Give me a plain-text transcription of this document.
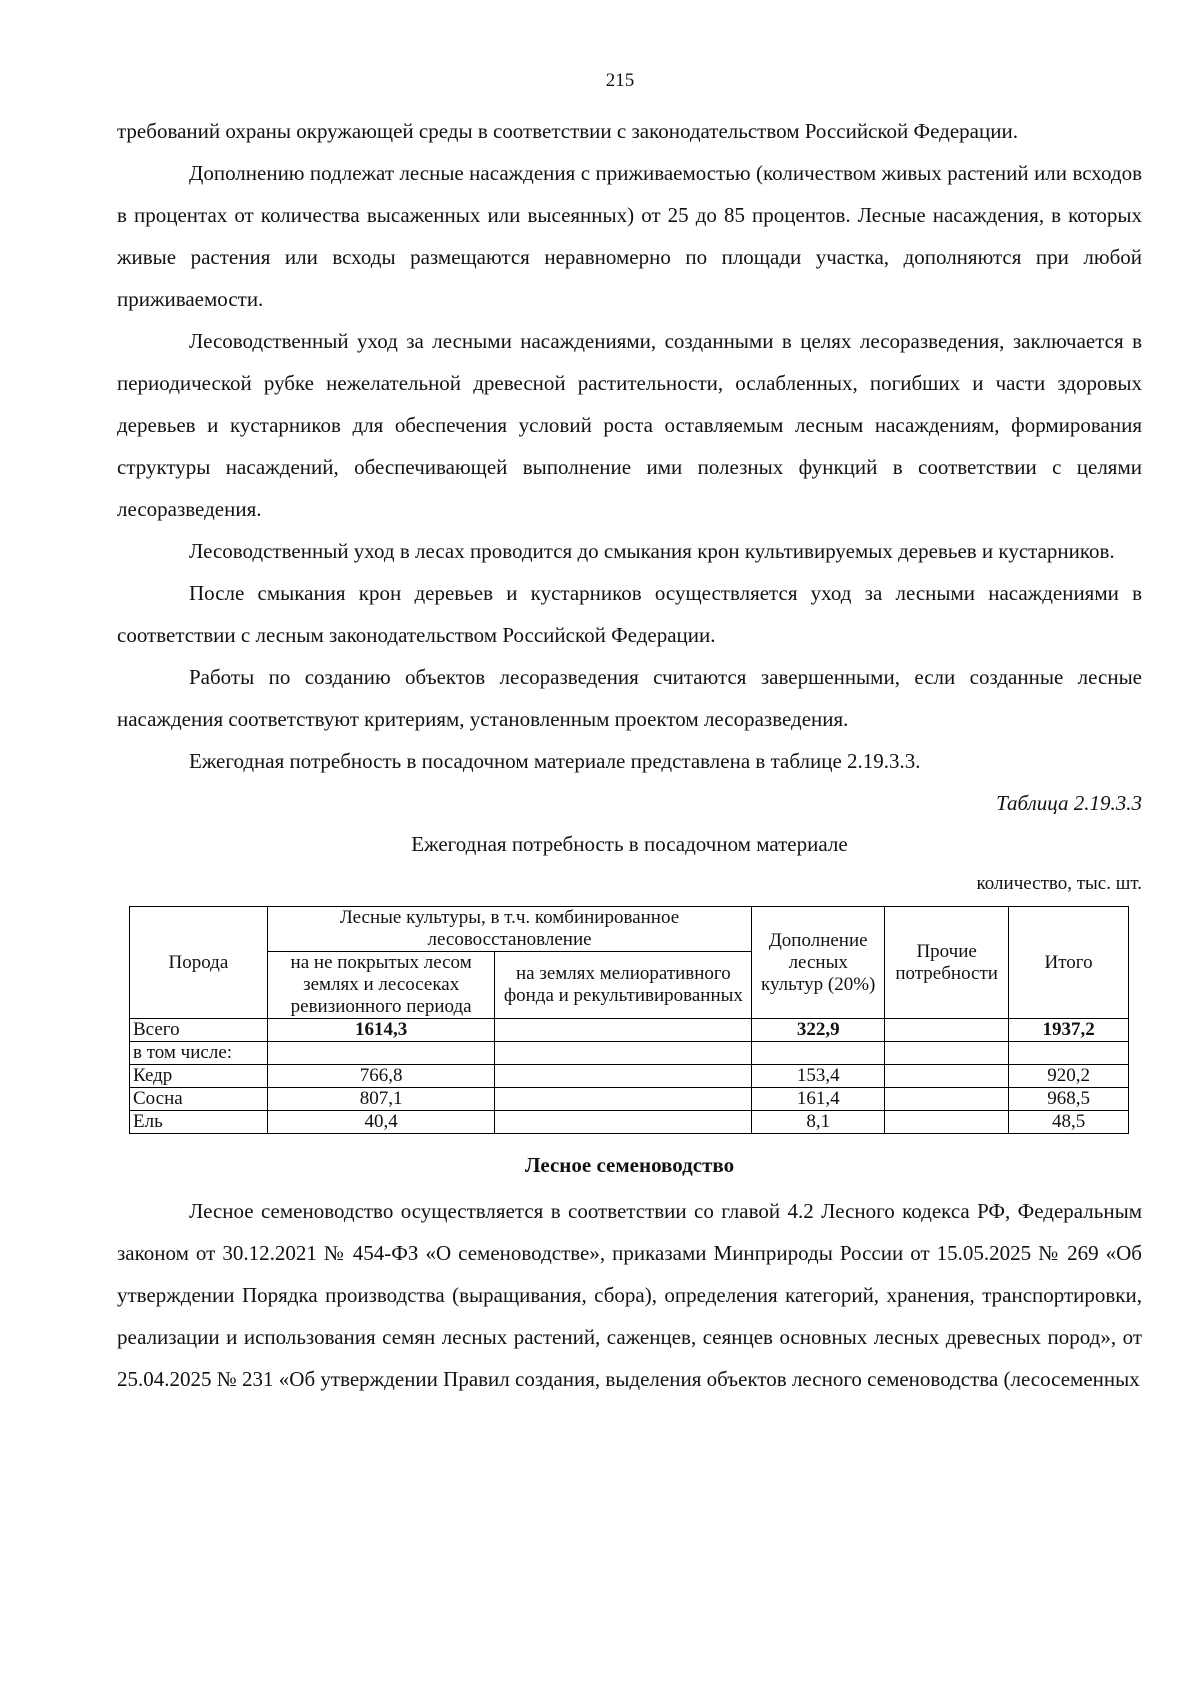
215

требований охраны окружающей среды в соответствии с законодательством Российской Федерации.

Дополнению подлежат лесные насаждения с приживаемостью (количеством живых растений или всходов в процентах от количества высаженных или высеянных) от 25 до 85 процентов. Лесные насаждения, в которых живые растения или всходы размещаются неравномерно по площади участка, дополняются при любой приживаемости.

Лесоводственный уход за лесными насаждениями, созданными в целях лесоразведения, заключается в периодической рубке нежелательной древесной растительности, ослабленных, погибших и части здоровых деревьев и кустарников для обеспечения условий роста оставляемым лесным насаждениям, формирования структуры насаждений, обеспечивающей выполнение ими полезных функций в соответствии с целями лесоразведения.

Лесоводственный уход в лесах проводится до смыкания крон культивируемых деревьев и кустарников.

После смыкания крон деревьев и кустарников осуществляется уход за лесными насаждениями в соответствии с лесным законодательством Российской Федерации.

Работы по созданию объектов лесоразведения считаются завершенными, если созданные лесные насаждения соответствуют критериям, установленным проектом лесоразведения.

Ежегодная потребность в посадочном материале представлена в таблице 2.19.3.3.

Таблица 2.19.3.3
Ежегодная потребность в посадочном материале
количество, тыс. шт.
Порода	Лесные культуры, в т.ч. комбинированное лесовосстановление		Дополнение лесных культур (20%)	Прочие потребности	Итого
	на не покрытых лесом землях и лесосеках ревизионного периода	на землях мелиоративного фонда и рекультивированных			
Всего	1614,3		322,9		1937,2
в том числе:					
Кедр	766,8		153,4		920,2
Сосна	807,1		161,4		968,5
Ель	40,4		8,1		48,5
Лесное семеноводство

Лесное семеноводство осуществляется в соответствии со главой 4.2 Лесного кодекса РФ, Федеральным законом от 30.12.2021 № 454-ФЗ «О семеноводстве», приказами Минприроды России от 15.05.2025 № 269 «Об утверждении Порядка производства (выращивания, сбора), определения категорий, хранения, транспортировки, реализации и использования семян лесных растений, саженцев, сеянцев основных лесных древесных пород», от 25.04.2025 № 231 «Об утверждении Правил создания, выделения объектов лесного семеноводства (лесосеменных
